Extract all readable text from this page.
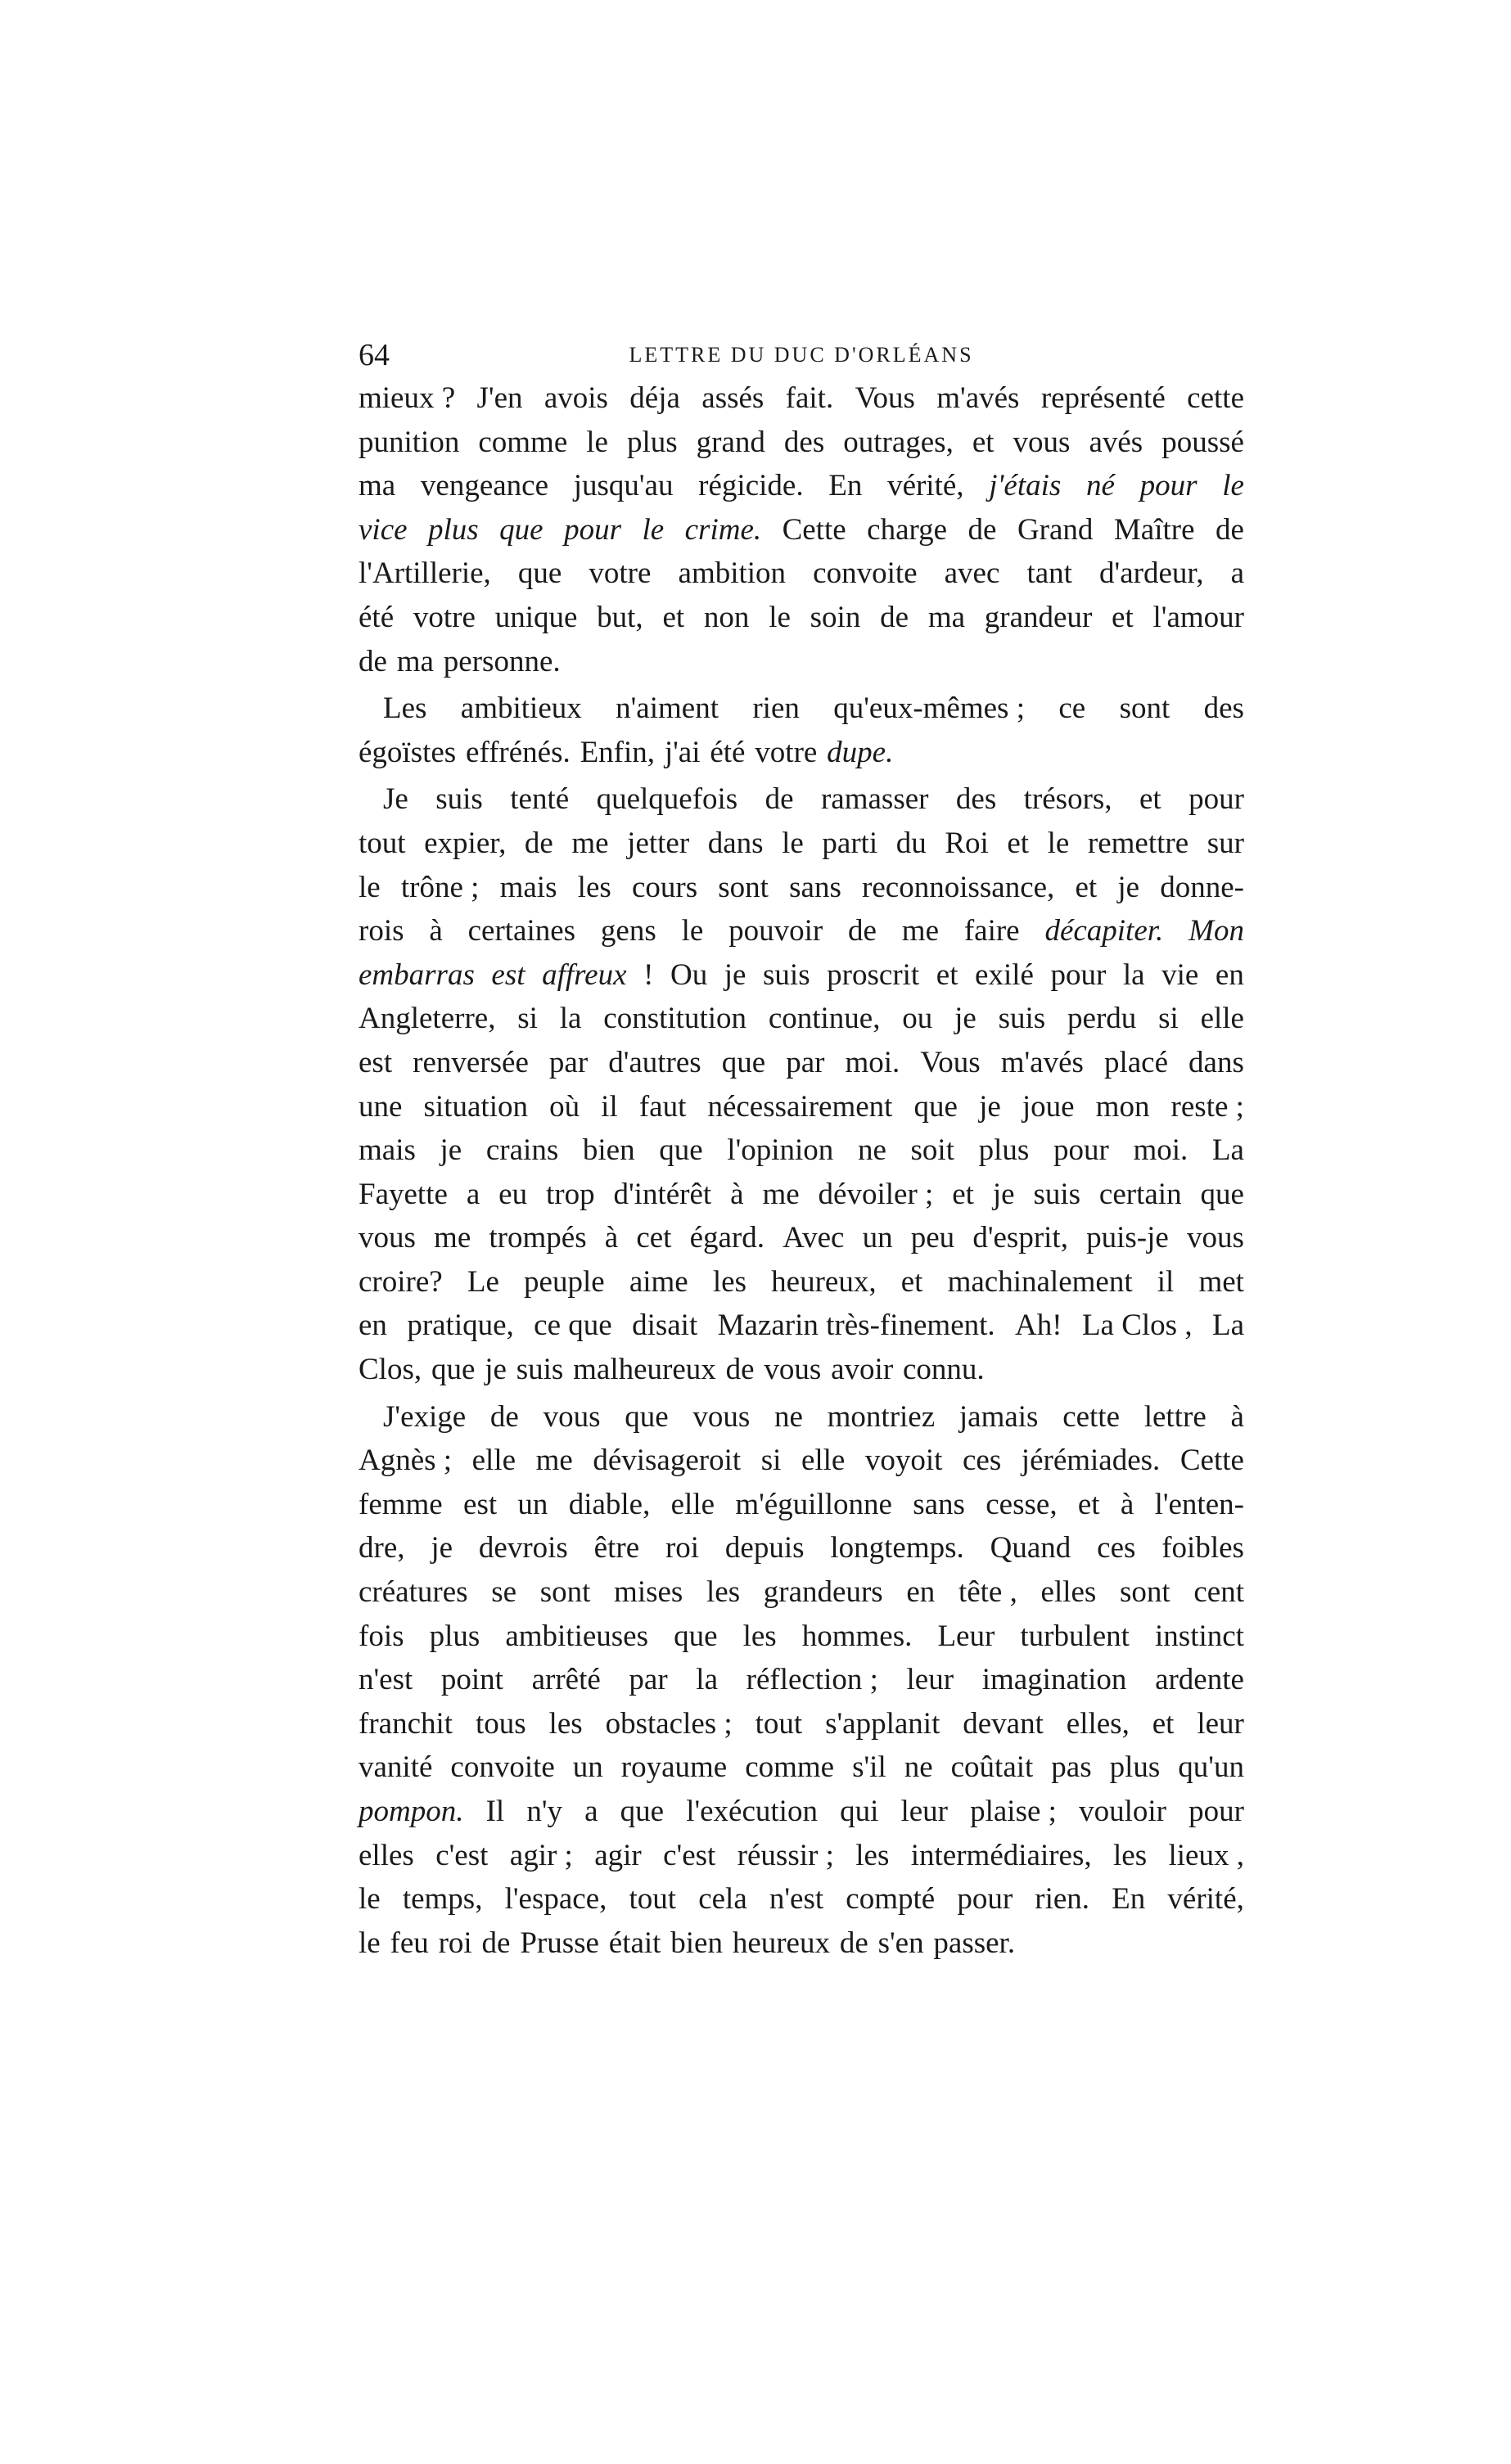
64	LETTRE DU DUC D'ORLÉANS
mieux ? J'en avois déja assés fait. Vous m'avés représenté cette
punition comme le plus grand des outrages, et vous avés poussé
ma vengeance jusqu'au régicide. En vérité, j'étais né pour le
vice plus que pour le crime. Cette charge de Grand Maître de
l'Artillerie, que votre ambition convoite avec tant d'ardeur, a
été votre unique but, et non le soin de ma grandeur et l'amour
de ma personne.
Les ambitieux n'aiment rien qu'eux-mêmes ; ce sont des
égoïstes effrénés. Enfin, j'ai été votre dupe.
Je suis tenté quelquefois de ramasser des trésors, et pour
tout expier, de me jetter dans le parti du Roi et le remettre sur
le trône ; mais les cours sont sans reconnoissance, et je donne-
rois à certaines gens le pouvoir de me faire décapiter. Mon
embarras est affreux ! Ou je suis proscrit et exilé pour la vie en
Angleterre, si la constitution continue, ou je suis perdu si elle
est renversée par d'autres que par moi. Vous m'avés placé dans
une situation où il faut nécessairement que je joue mon reste ;
mais je crains bien que l'opinion ne soit plus pour moi. La
Fayette a eu trop d'intérêt à me dévoiler ; et je suis certain que
vous me trompés à cet égard. Avec un peu d'esprit, puis-je vous
croire? Le peuple aime les heureux, et machinalement il met
en pratique, ce que disait Mazarin très-finement. Ah! La Clos , La
Clos, que je suis malheureux de vous avoir connu.
J'exige de vous que vous ne montriez jamais cette lettre à
Agnès ; elle me dévisageroit si elle voyoit ces jérémiades. Cette
femme est un diable, elle m'éguillonne sans cesse, et à l'enten-
dre, je devrois être roi depuis longtemps. Quand ces foibles
créatures se sont mises les grandeurs en tête , elles sont cent
fois plus ambitieuses que les hommes. Leur turbulent instinct
n'est point arrêté par la réflection ; leur imagination ardente
franchit tous les obstacles ; tout s'applanit devant elles, et leur
vanité convoite un royaume comme s'il ne coûtait pas plus qu'un
pompon. Il n'y a que l'exécution qui leur plaise ; vouloir pour
elles c'est agir ; agir c'est réussir ; les intermédiaires, les lieux ,
le temps, l'espace, tout cela n'est compté pour rien. En vérité,
le feu roi de Prusse était bien heureux de s'en passer.
